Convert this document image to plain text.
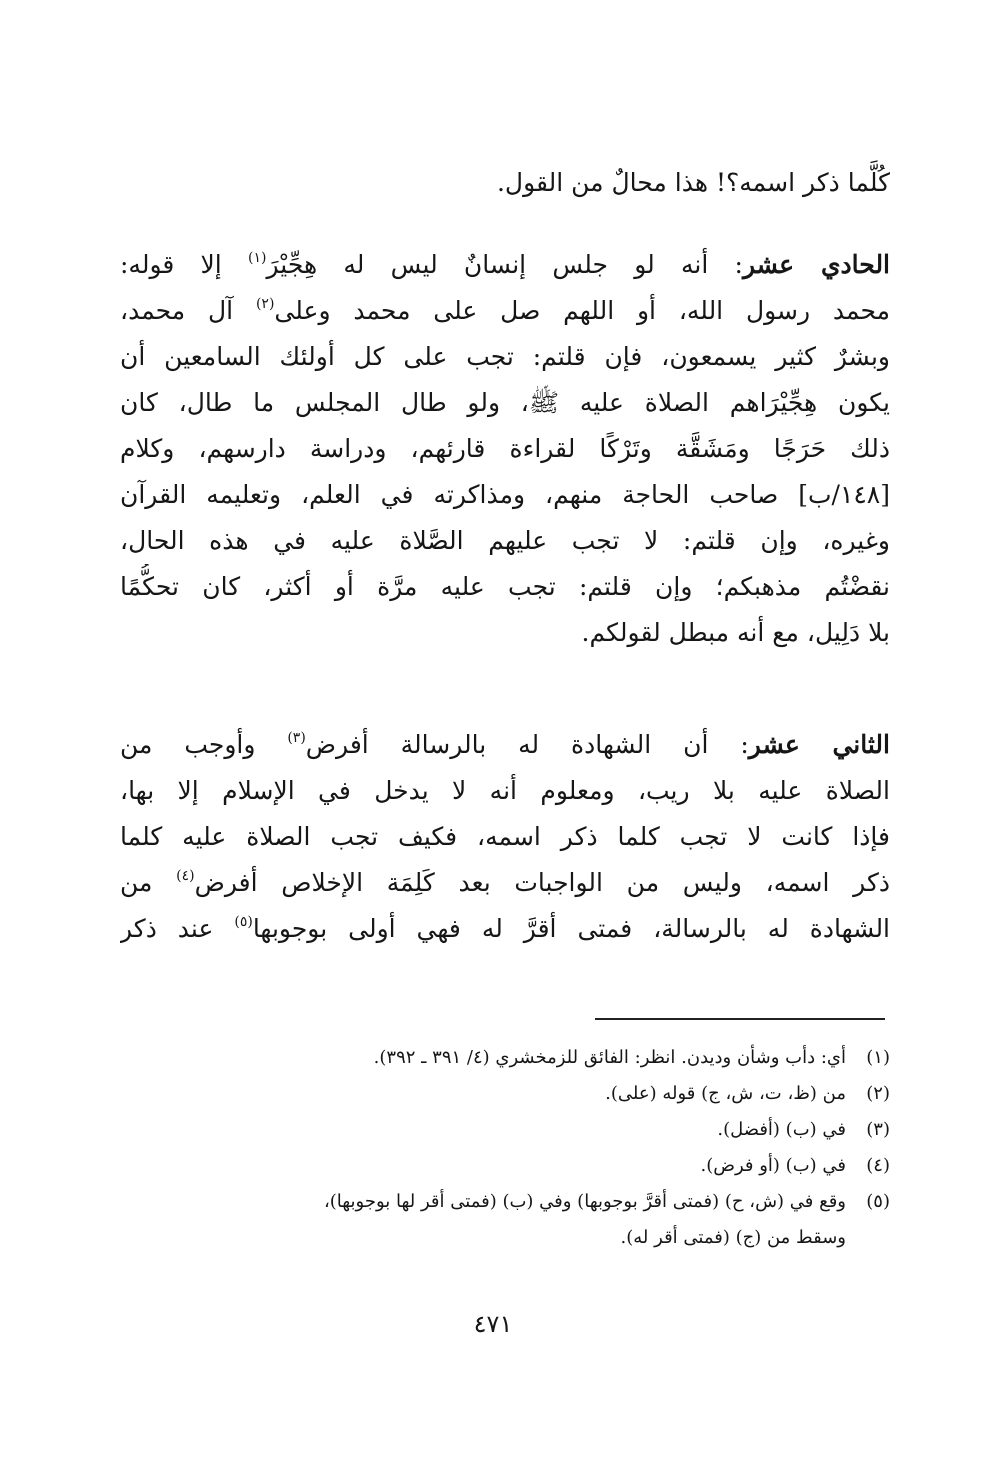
كُلَّما ذكر اسمه؟! هذا محالٌ من القول.
الحادي عشر: أنه لو جلس إنسانٌ ليس له هِجِّيْرَ$^{(١)}$ إلا قوله:
محمد رسول الله، أو اللهم صل على محمد وعلى$^{(٢)}$ آل محمد،
وبشرٌ كثير يسمعون، فإن قلتم: تجب على كل أولئك السامعين أن
يكون هِجِّيْرَاهم الصلاة عليه ﷺ، ولو طال المجلس ما طال، كان
ذلك حَرَجًا ومَشَقَّة وتَرْكًا لقراءة قارئهم، ودراسة دارسهم، وكلام
[١٤٨/ب] صاحب الحاجة منهم، ومذاكرته في العلم، وتعليمه القرآن
وغيره، وإن قلتم: لا تجب عليهم الصَّلاة عليه في هذه الحال،
نقضْتُم مذهبكم؛ وإن قلتم: تجب عليه مرَّة أو أكثر، كان تحكُّمًا
بلا دَلِيل، مع أنه مبطل لقولكم.
الثاني عشر: أن الشهادة له بالرسالة أفرض$^{(٣)}$ وأوجب من
الصلاة عليه بلا ريب، ومعلوم أنه لا يدخل في الإسلام إلا بها،
فإذا كانت لا تجب كلما ذكر اسمه، فكيف تجب الصلاة عليه كلما
ذكر اسمه، وليس من الواجبات بعد كَلِمَة الإخلاص أفرض$^{(٤)}$ من
الشهادة له بالرسالة، فمتى أقرَّ له فهي أولى بوجوبها$^{(٥)}$ عند ذكر
(١)
أي: دأب وشأن وديدن. انظر: الفائق للزمخشري (٤/ ٣٩١ ـ ٣٩٢).
(٢)
من (ظ، ت، ش، ج) قوله (على).
(٣)
في (ب) (أفضل).
(٤)
في (ب) (أو فرض).
(٥)
وقع في (ش، ح) (فمتى أقرَّ بوجوبها) وفي (ب) (فمتى أقر لها بوجوبها)،
وسقط من (ج) (فمتى أقر له).
٤٧١
